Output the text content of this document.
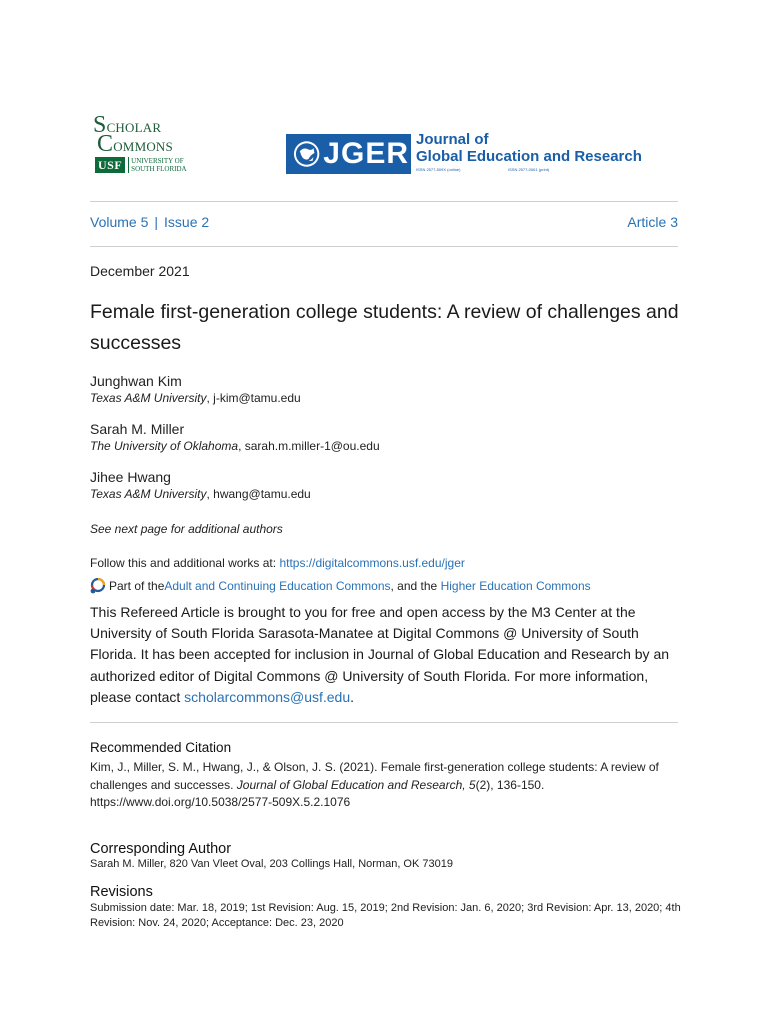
SCHOLAR
COMMONS
USF	UNIVERSITY OF
SOUTH FLORIDA	JGER Journal of
Global Education and Research
ISSN 2577-509X (online)	ISSN 2577-0061 (print)
Volume 5 | Issue 2	Article 3
December 2021
Female first-generation college students: A review of challenges and successes
Junghwan Kim
Texas A&M University, j-kim@tamu.edu
Sarah M. Miller
The University of Oklahoma, sarah.m.miller-1@ou.edu
Jihee Hwang
Texas A&M University, hwang@tamu.edu
See next page for additional authors
Follow this and additional works at: https://digitalcommons.usf.edu/jger
Part of the Adult and Continuing Education Commons , and the Higher Education Commons

This Refereed Article is brought to you for free and open access by the M3 Center at the University of South Florida Sarasota-Manatee at Digital Commons @ University of South Florida. It has been accepted for inclusion in Journal of Global Education and Research by an authorized editor of Digital Commons @ University of South Florida. For more information, please contact scholarcommons@usf.edu.

Recommended Citation

Kim, J., Miller, S. M., Hwang, J., & Olson, J. S. (2021). Female first-generation college students: A review of challenges and successes. Journal of Global Education and Research, 5(2), 136-150.
https://www.doi.org/10.5038/2577-509X.5.2.1076

Corresponding Author

Sarah M. Miller, 820 Van Vleet Oval, 203 Collings Hall, Norman, OK 73019

Revisions

Submission date: Mar. 18, 2019; 1st Revision: Aug. 15, 2019; 2nd Revision: Jan. 6, 2020; 3rd Revision: Apr. 13, 2020; 4th Revision: Nov. 24, 2020; Acceptance: Dec. 23, 2020
